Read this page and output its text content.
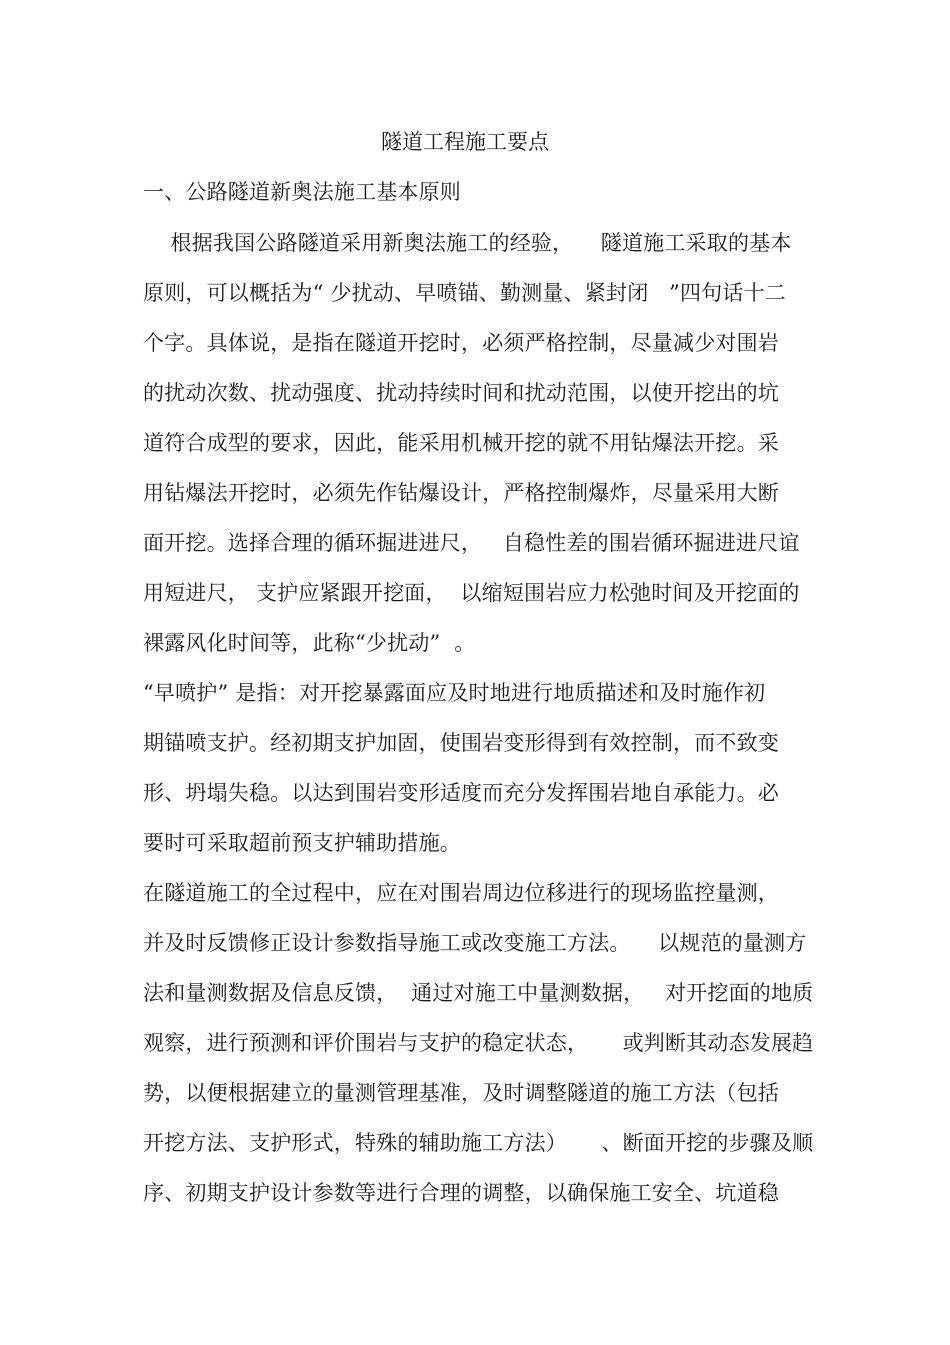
隧道工程施工要点
一、公路隧道新奥法施工基本原则
根据我国公路隧道采用新奥法施工的经验，    隧道施工采取的基本
原则，可以概括为“ 少扰动、早喷锚、勤测量、紧封闭   ”四句话十二
个字。具体说，是指在隧道开挖时，必须严格控制，尽量减少对围岩
的扰动次数、扰动强度、扰动持续时间和扰动范围，以使开挖出的坑
道符合成型的要求，因此，能采用机械开挖的就不用钻爆法开挖。采
用钻爆法开挖时，必须先作钻爆设计，严格控制爆炸，尽量采用大断
面开挖。选择合理的循环掘进进尺，   自稳性差的围岩循环掘进进尺谊
用短进尺， 支护应紧跟开挖面，  以缩短围岩应力松弛时间及开挖面的
裸露风化时间等，此称“少扰动”  。
“早喷护” 是指：对开挖暴露面应及时地进行地质描述和及时施作初
期锚喷支护。经初期支护加固，使围岩变形得到有效控制，而不致变
形、坍塌失稳。以达到围岩变形适度而充分发挥围岩地自承能力。必
要时可采取超前预支护辅助措施。
在隧道施工的全过程中，应在对围岩周边位移进行的现场监控量测，
并及时反馈修正设计参数指导施工或改变施工方法。    以规范的量测方
法和量测数据及信息反馈，  通过对施工中量测数据，   对开挖面的地质
观察，进行预测和评价围岩与支护的稳定状态，     或判断其动态发展趋
势，以便根据建立的量测管理基准，及时调整隧道的施工方法（包括
开挖方法、支护形式，特殊的辅助施工方法）     、断面开挖的步骤及顺
序、初期支护设计参数等进行合理的调整，以确保施工安全、坑道稳
